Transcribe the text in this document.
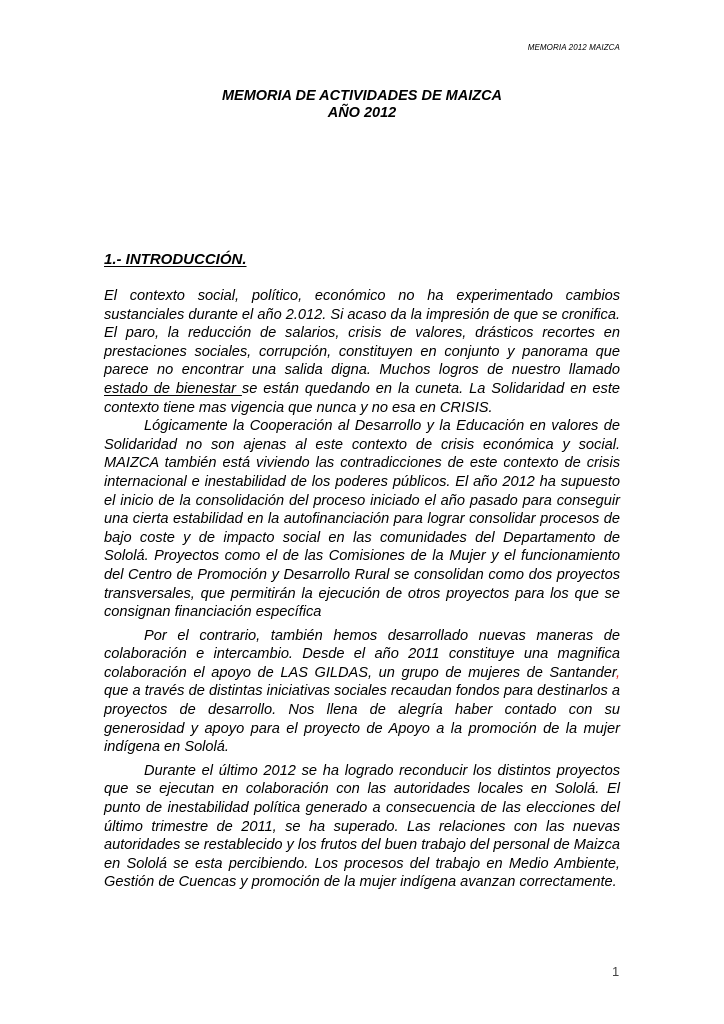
MEMORIA 2012 MAIZCA
MEMORIA DE ACTIVIDADES DE MAIZCA
AÑO 2012
1.- INTRODUCCIÓN.

El contexto social, político, económico no ha experimentado cambios sustanciales durante el año 2.012. Si acaso da la impresión de que se cronifica. El paro, la reducción de salarios, crisis de valores, drásticos recortes en prestaciones sociales, corrupción, constituyen en conjunto y panorama que parece no encontrar una salida digna. Muchos logros de nuestro llamado estado de bienestar se están quedando en la cuneta. La Solidaridad en este contexto tiene mas vigencia que nunca y no esa en CRISIS.

Lógicamente la Cooperación al Desarrollo y la Educación en valores de Solidaridad no son ajenas al este contexto de crisis económica y social. MAIZCA también está viviendo las contradicciones de este contexto de crisis internacional e inestabilidad de los poderes públicos. El año 2012 ha supuesto el inicio de la consolidación del proceso iniciado el año pasado para conseguir una cierta estabilidad en la autofinanciación para lograr consolidar procesos de bajo coste y de impacto social en las comunidades del Departamento de Sololá. Proyectos como el de las Comisiones de la Mujer y el funcionamiento del Centro de Promoción y Desarrollo Rural se consolidan como dos proyectos transversales, que permitirán la ejecución de otros proyectos para los que se consignan financiación específica

Por el contrario, también hemos desarrollado nuevas maneras de colaboración e intercambio. Desde el año 2011 constituye una magnifica colaboración el apoyo de LAS GILDAS, un grupo de mujeres de Santander, que a través de distintas iniciativas sociales recaudan fondos para destinarlos a proyectos de desarrollo. Nos llena de alegría haber contado con su generosidad y apoyo para el proyecto de Apoyo a la promoción de la mujer indígena en Sololá.

Durante el último 2012 se ha logrado reconducir los distintos proyectos que se ejecutan en colaboración con las autoridades locales en Sololá. El punto de inestabilidad política generado a consecuencia de las elecciones del último trimestre de 2011, se ha superado. Las relaciones con las nuevas autoridades se restablecido y los frutos del buen trabajo del personal de Maizca en Sololá se esta percibiendo. Los procesos del trabajo en Medio Ambiente, Gestión de Cuencas y promoción de la mujer indígena avanzan correctamente.

1
